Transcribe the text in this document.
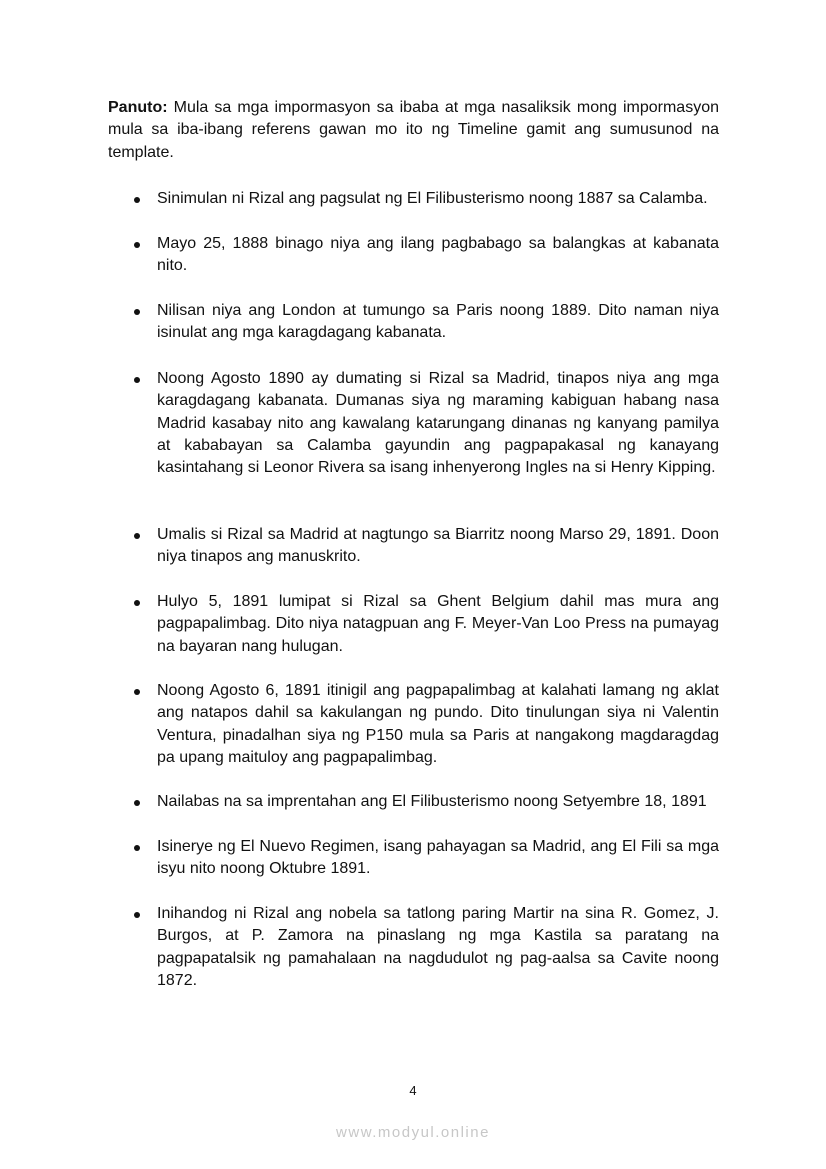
Panuto: Mula sa mga impormasyon sa ibaba at mga nasaliksik mong impormasyon mula sa iba-ibang referens gawan mo ito ng Timeline gamit ang sumusunod na template.

Sinimulan ni Rizal ang pagsulat ng El Filibusterismo noong 1887 sa Calamba.

Mayo 25, 1888 binago niya ang ilang pagbabago sa balangkas at kabanata nito.

Nilisan niya ang London at tumungo sa Paris noong 1889. Dito naman niya isinulat ang mga karagdagang kabanata.

Noong Agosto 1890 ay dumating si Rizal sa Madrid, tinapos niya ang mga karagdagang kabanata. Dumanas siya ng maraming kabiguan habang nasa Madrid kasabay nito ang kawalang katarungang dinanas ng kanyang pamilya at kababayan sa Calamba gayundin ang pagpapakasal ng kanayang kasintahang si Leonor Rivera sa isang inhenyerong Ingles na si Henry Kipping.

Umalis si Rizal sa Madrid at nagtungo sa Biarritz noong Marso 29, 1891. Doon niya tinapos ang manuskrito.

Hulyo 5, 1891 lumipat si Rizal sa Ghent Belgium dahil mas mura ang pagpapalimbag. Dito niya natagpuan ang F. Meyer-Van Loo Press na pumayag na bayaran nang hulugan.

Noong Agosto 6, 1891 itinigil ang pagpapalimbag at kalahati lamang ng aklat ang natapos dahil sa kakulangan ng pundo. Dito tinulungan siya ni Valentin Ventura, pinadalhan siya ng P150 mula sa Paris at nangakong magdaragdag pa upang maituloy ang pagpapalimbag.

Nailabas na sa imprentahan ang El Filibusterismo noong Setyembre 18, 1891

Isinerye ng El Nuevo Regimen, isang pahayagan sa Madrid, ang El Fili sa mga isyu nito noong Oktubre 1891.

Inihandog ni Rizal ang nobela sa tatlong paring Martir na sina R. Gomez, J. Burgos, at P. Zamora na pinaslang ng mga Kastila sa paratang na pagpapatalsik ng pamahalaan na nagdudulot ng pag-aalsa sa Cavite noong 1872.

4
www.modyul.online
